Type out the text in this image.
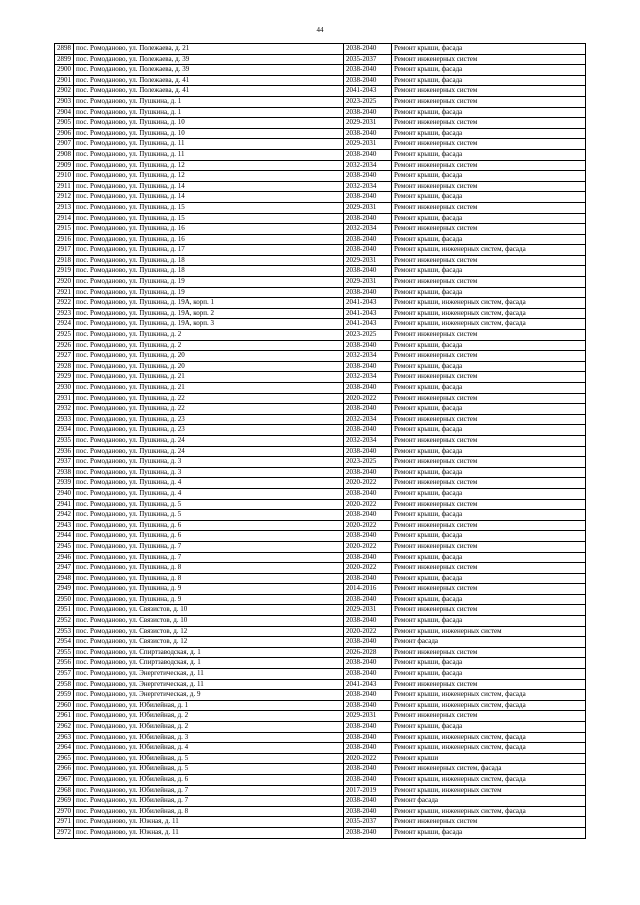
44
2898	пос. Ромоданово, ул. Полежаева, д. 21	2038-2040	Ремонт крыши, фасада
2899	пос. Ромоданово, ул. Полежаева, д. 39	2035-2037	Ремонт инженерных систем
2900	пос. Ромоданово, ул. Полежаева, д. 39	2038-2040	Ремонт крыши, фасада
2901	пос. Ромоданово, ул. Полежаева, д. 41	2038-2040	Ремонт крыши, фасада
2902	пос. Ромоданово, ул. Полежаева, д. 41	2041-2043	Ремонт инженерных систем
2903	пос. Ромоданово, ул. Пушкина, д. 1	2023-2025	Ремонт инженерных систем
2904	пос. Ромоданово, ул. Пушкина, д. 1	2038-2040	Ремонт крыши, фасада
2905	пос. Ромоданово, ул. Пушкина, д. 10	2029-2031	Ремонт инженерных систем
2906	пос. Ромоданово, ул. Пушкина, д. 10	2038-2040	Ремонт крыши, фасада
2907	пос. Ромоданово, ул. Пушкина, д. 11	2029-2031	Ремонт инженерных систем
2908	пос. Ромоданово, ул. Пушкина, д. 11	2038-2040	Ремонт крыши, фасада
2909	пос. Ромоданово, ул. Пушкина, д. 12	2032-2034	Ремонт инженерных систем
2910	пос. Ромоданово, ул. Пушкина, д. 12	2038-2040	Ремонт крыши, фасада
2911	пос. Ромоданово, ул. Пушкина, д. 14	2032-2034	Ремонт инженерных систем
2912	пос. Ромоданово, ул. Пушкина, д. 14	2038-2040	Ремонт крыши, фасада
2913	пос. Ромоданово, ул. Пушкина, д. 15	2029-2031	Ремонт инженерных систем
2914	пос. Ромоданово, ул. Пушкина, д. 15	2038-2040	Ремонт крыши, фасада
2915	пос. Ромоданово, ул. Пушкина, д. 16	2032-2034	Ремонт инженерных систем
2916	пос. Ромоданово, ул. Пушкина, д. 16	2038-2040	Ремонт крыши, фасада
2917	пос. Ромоданово, ул. Пушкина, д. 17	2038-2040	Ремонт крыши, инженерных систем, фасада
2918	пос. Ромоданово, ул. Пушкина, д. 18	2029-2031	Ремонт инженерных систем
2919	пос. Ромоданово, ул. Пушкина, д. 18	2038-2040	Ремонт крыши, фасада
2920	пос. Ромоданово, ул. Пушкина, д. 19	2029-2031	Ремонт инженерных систем
2921	пос. Ромоданово, ул. Пушкина, д. 19	2038-2040	Ремонт крыши, фасада
2922	пос. Ромоданово, ул. Пушкина, д. 19А, корп. 1	2041-2043	Ремонт крыши, инженерных систем, фасада
2923	пос. Ромоданово, ул. Пушкина, д. 19А, корп. 2	2041-2043	Ремонт крыши, инженерных систем, фасада
2924	пос. Ромоданово, ул. Пушкина, д. 19А, корп. 3	2041-2043	Ремонт крыши, инженерных систем, фасада
2925	пос. Ромоданово, ул. Пушкина, д. 2	2023-2025	Ремонт инженерных систем
2926	пос. Ромоданово, ул. Пушкина, д. 2	2038-2040	Ремонт крыши, фасада
2927	пос. Ромоданово, ул. Пушкина, д. 20	2032-2034	Ремонт инженерных систем
2928	пос. Ромоданово, ул. Пушкина, д. 20	2038-2040	Ремонт крыши, фасада
2929	пос. Ромоданово, ул. Пушкина, д. 21	2032-2034	Ремонт инженерных систем
2930	пос. Ромоданово, ул. Пушкина, д. 21	2038-2040	Ремонт крыши, фасада
2931	пос. Ромоданово, ул. Пушкина, д. 22	2020-2022	Ремонт инженерных систем
2932	пос. Ромоданово, ул. Пушкина, д. 22	2038-2040	Ремонт крыши, фасада
2933	пос. Ромоданово, ул. Пушкина, д. 23	2032-2034	Ремонт инженерных систем
2934	пос. Ромоданово, ул. Пушкина, д. 23	2038-2040	Ремонт крыши, фасада
2935	пос. Ромоданово, ул. Пушкина, д. 24	2032-2034	Ремонт инженерных систем
2936	пос. Ромоданово, ул. Пушкина, д. 24	2038-2040	Ремонт крыши, фасада
2937	пос. Ромоданово, ул. Пушкина, д. 3	2023-2025	Ремонт инженерных систем
2938	пос. Ромоданово, ул. Пушкина, д. 3	2038-2040	Ремонт крыши, фасада
2939	пос. Ромоданово, ул. Пушкина, д. 4	2020-2022	Ремонт инженерных систем
2940	пос. Ромоданово, ул. Пушкина, д. 4	2038-2040	Ремонт крыши, фасада
2941	пос. Ромоданово, ул. Пушкина, д. 5	2020-2022	Ремонт инженерных систем
2942	пос. Ромоданово, ул. Пушкина, д. 5	2038-2040	Ремонт крыши, фасада
2943	пос. Ромоданово, ул. Пушкина, д. 6	2020-2022	Ремонт инженерных систем
2944	пос. Ромоданово, ул. Пушкина, д. 6	2038-2040	Ремонт крыши, фасада
2945	пос. Ромоданово, ул. Пушкина, д. 7	2020-2022	Ремонт инженерных систем
2946	пос. Ромоданово, ул. Пушкина, д. 7	2038-2040	Ремонт крыши, фасада
2947	пос. Ромоданово, ул. Пушкина, д. 8	2020-2022	Ремонт инженерных систем
2948	пос. Ромоданово, ул. Пушкина, д. 8	2038-2040	Ремонт крыши, фасада
2949	пос. Ромоданово, ул. Пушкина, д. 9	2014-2016	Ремонт инженерных систем
2950	пос. Ромоданово, ул. Пушкина, д. 9	2038-2040	Ремонт крыши, фасада
2951	пос. Ромоданово, ул. Связистов, д. 10	2029-2031	Ремонт инженерных систем
2952	пос. Ромоданово, ул. Связистов, д. 10	2038-2040	Ремонт крыши, фасада
2953	пос. Ромоданово, ул. Связистов, д. 12	2020-2022	Ремонт крыши, инженерных систем
2954	пос. Ромоданово, ул. Связистов, д. 12	2038-2040	Ремонт фасада
2955	пос. Ромоданово, ул. Спиртзаводская, д. 1	2026-2028	Ремонт инженерных систем
2956	пос. Ромоданово, ул. Спиртзаводская, д. 1	2038-2040	Ремонт крыши, фасада
2957	пос. Ромоданово, ул. Энергетическая, д. 11	2038-2040	Ремонт крыши, фасада
2958	пос. Ромоданово, ул. Энергетическая, д. 11	2041-2043	Ремонт инженерных систем
2959	пос. Ромоданово, ул. Энергетическая, д. 9	2038-2040	Ремонт крыши, инженерных систем, фасада
2960	пос. Ромоданово, ул. Юбилейная, д. 1	2038-2040	Ремонт крыши, инженерных систем, фасада
2961	пос. Ромоданово, ул. Юбилейная, д. 2	2029-2031	Ремонт инженерных систем
2962	пос. Ромоданово, ул. Юбилейная, д. 2	2038-2040	Ремонт крыши, фасада
2963	пос. Ромоданово, ул. Юбилейная, д. 3	2038-2040	Ремонт крыши, инженерных систем, фасада
2964	пос. Ромоданово, ул. Юбилейная, д. 4	2038-2040	Ремонт крыши, инженерных систем, фасада
2965	пос. Ромоданово, ул. Юбилейная, д. 5	2020-2022	Ремонт крыши
2966	пос. Ромоданово, ул. Юбилейная, д. 5	2038-2040	Ремонт инженерных систем, фасада
2967	пос. Ромоданово, ул. Юбилейная, д. 6	2038-2040	Ремонт крыши, инженерных систем, фасада
2968	пос. Ромоданово, ул. Юбилейная, д. 7	2017-2019	Ремонт крыши, инженерных систем
2969	пос. Ромоданово, ул. Юбилейная, д. 7	2038-2040	Ремонт фасада
2970	пос. Ромоданово, ул. Юбилейная, д. 8	2038-2040	Ремонт крыши, инженерных систем, фасада
2971	пос. Ромоданово, ул. Южная, д. 11	2035-2037	Ремонт инженерных систем
2972	пос. Ромоданово, ул. Южная, д. 11	2038-2040	Ремонт крыши, фасада
